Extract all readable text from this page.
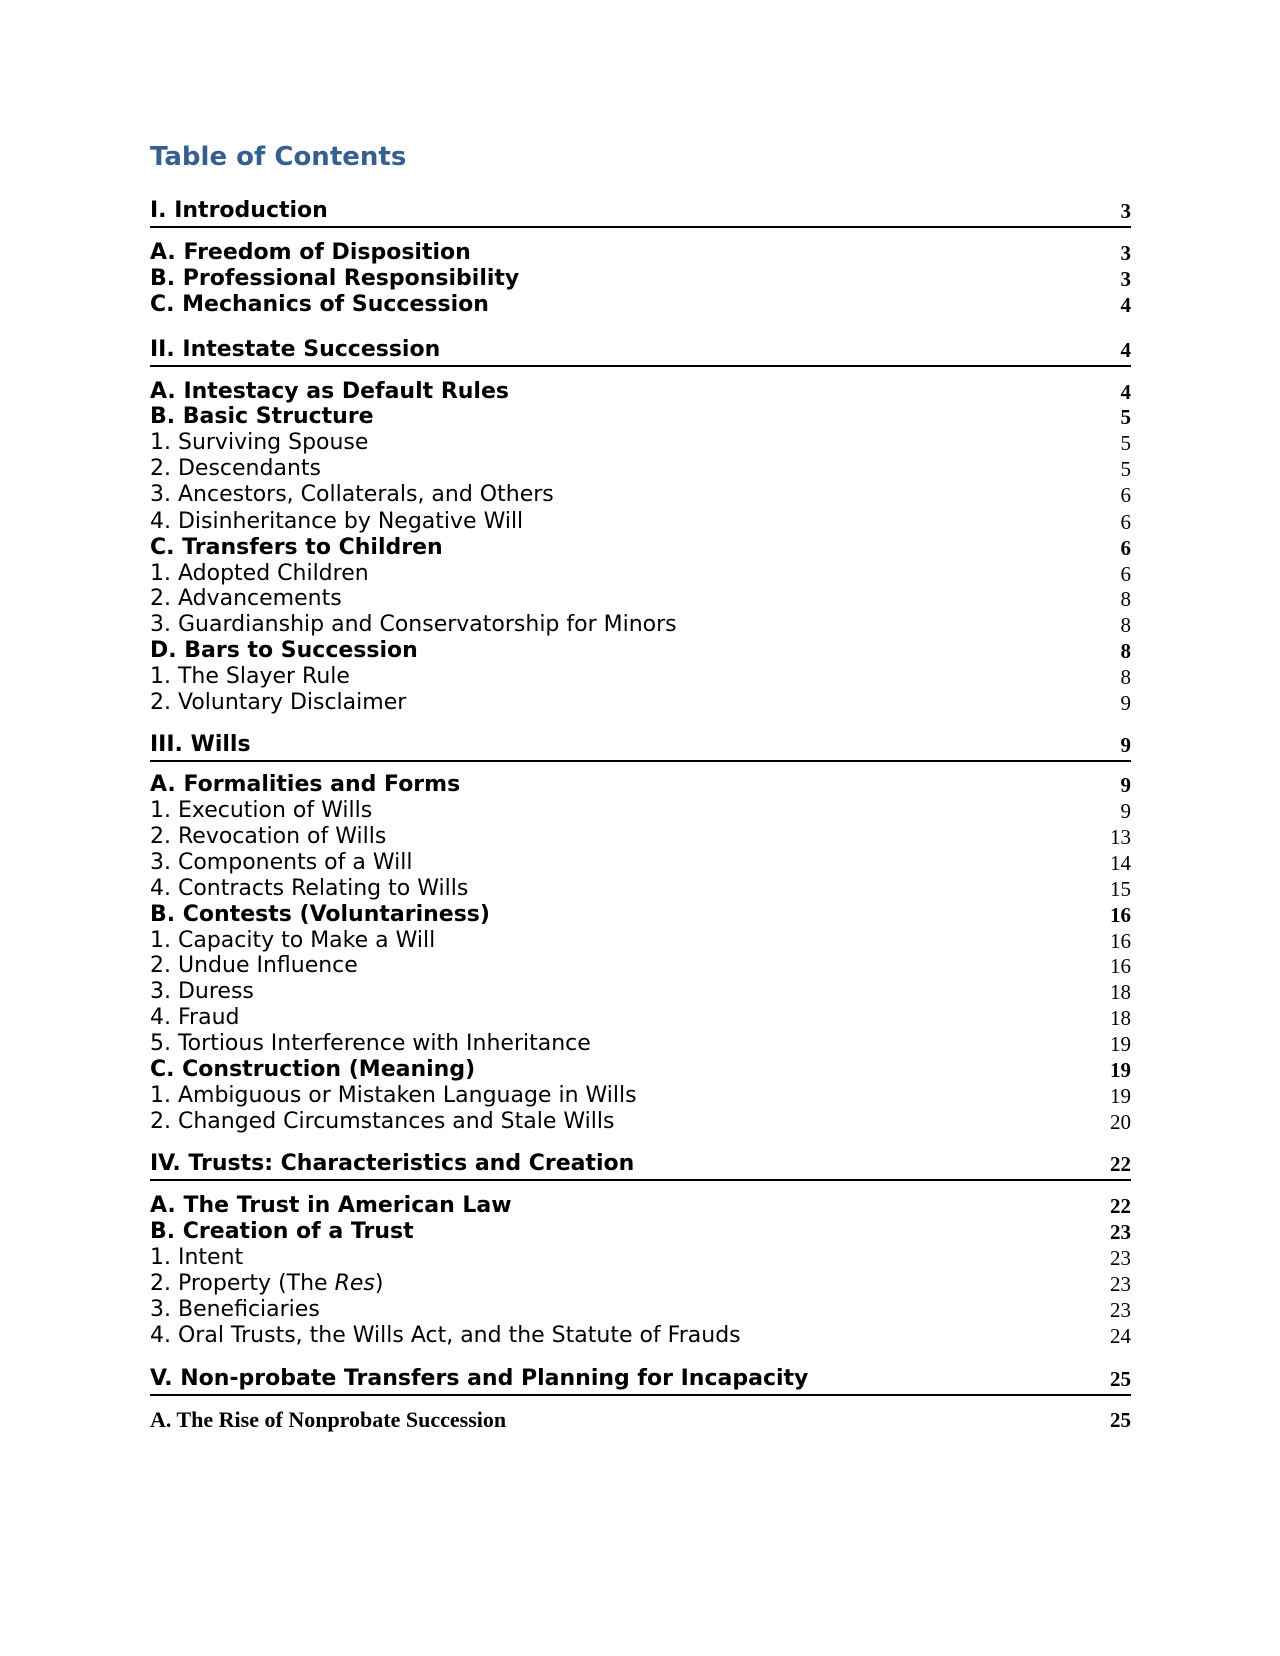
Table of Contents
I. Introduction	3
A. Freedom of Disposition	3
B. Professional Responsibility	3
C. Mechanics of Succession	4
II. Intestate Succession	4
A. Intestacy as Default Rules	4
B. Basic Structure	5
1. Surviving Spouse	5
2. Descendants	5
3. Ancestors, Collaterals, and Others	6
4. Disinheritance by Negative Will	6
C. Transfers to Children	6
1. Adopted Children	6
2. Advancements	8
3. Guardianship and Conservatorship for Minors	8
D. Bars to Succession	8
1. The Slayer Rule	8
2. Voluntary Disclaimer	9
III. Wills	9
A. Formalities and Forms	9
1. Execution of Wills	9
2. Revocation of Wills	13
3. Components of a Will	14
4. Contracts Relating to Wills	15
B. Contests (Voluntariness)	16
1. Capacity to Make a Will	16
2. Undue Influence	16
3. Duress	18
4. Fraud	18
5. Tortious Interference with Inheritance	19
C. Construction (Meaning)	19
1. Ambiguous or Mistaken Language in Wills	19
2. Changed Circumstances and Stale Wills	20
IV. Trusts: Characteristics and Creation	22
A. The Trust in American Law	22
B. Creation of a Trust	23
1. Intent	23
2. Property (The Res)	23
3. Beneficiaries	23
4. Oral Trusts, the Wills Act, and the Statute of Frauds	24
V. Non-probate Transfers and Planning for Incapacity	25
A. The Rise of Nonprobate Succession	25
